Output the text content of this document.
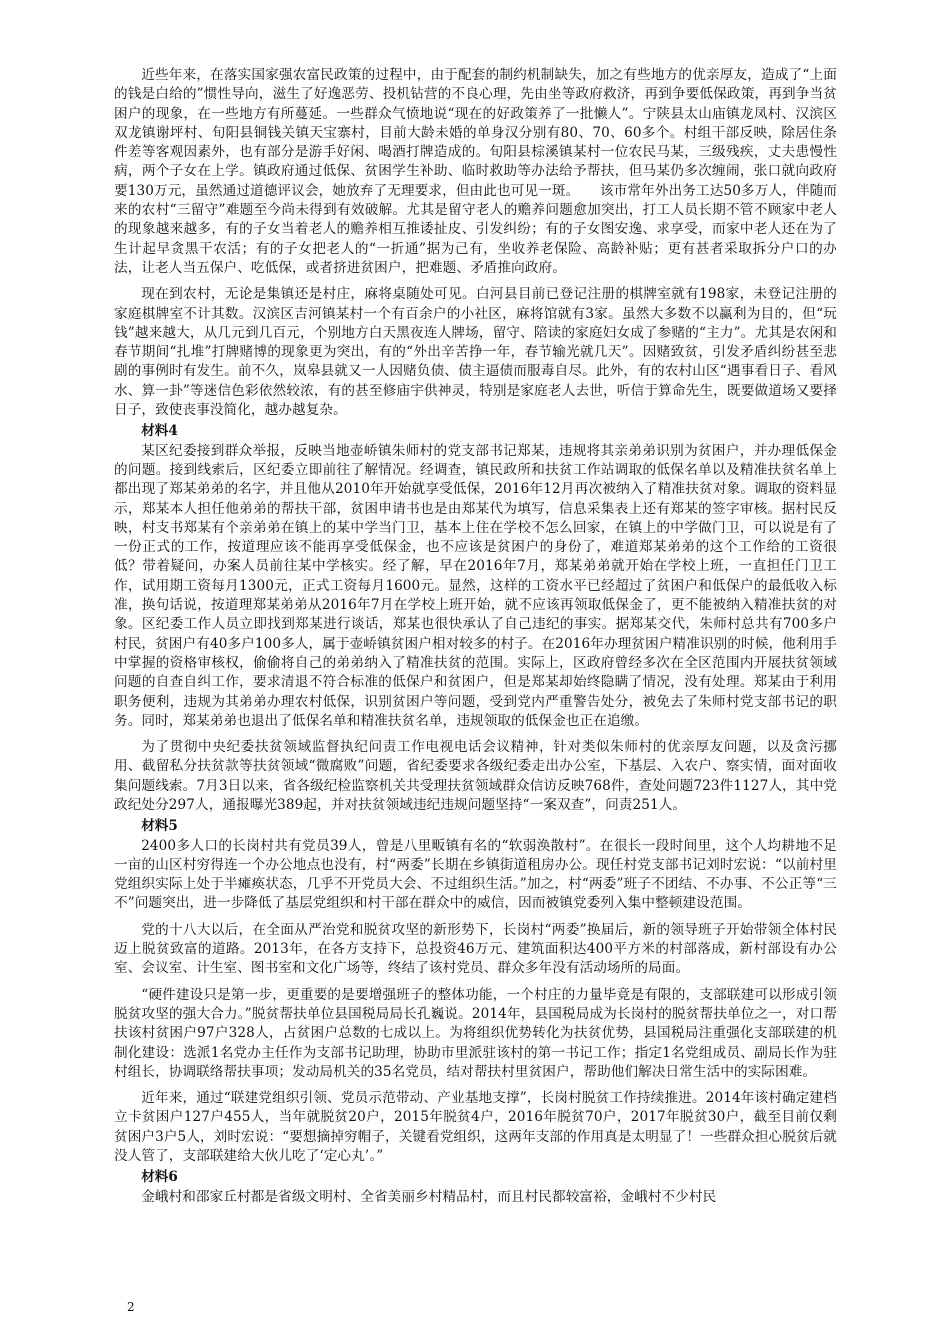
近些年来，在落实国家强农富民政策的过程中，由于配套的制约机制缺失，加之有些地方的优亲厚友，造成了“上面的钱是白给的”惯性导向，滋生了好逸恶劳、投机钻营的不良心理，先由坐等政府救济，再到争要低保政策，再到争当贫困户的现象，在一些地方有所蔓延。一些群众气愤地说“现在的好政策养了一批懒人”。宁陕县太山庙镇龙凤村、汉滨区双龙镇谢坪村、旬阳县铜钱关镇天宝寨村，目前大龄未婚的单身汉分别有80、70、60多个。村组干部反映，除居住条件差等客观因素外，也有部分是游手好闲、喝酒打牌造成的。旬阳县棕溪镇某村一位农民马某，三级残疾，丈夫患慢性病，两个子女在上学。镇政府通过低保、贫困学生补助、临时救助等办法给予帮扶，但马某仍多次缠闹，张口就向政府要130万元，虽然通过道德评议会，她放弃了无理要求，但由此也可见一斑。　　该市常年外出务工达50多万人，伴随而来的农村“三留守”难题至今尚未得到有效破解。尤其是留守老人的赡养问题愈加突出，打工人员长期不管不顾家中老人的现象越来越多，有的子女当着老人的赡养相互推诿扯皮、引发纠纷；有的子女图安逸、求享受，而家中老人还在为了生计起早贪黑干农活；有的子女把老人的“一折通”据为己有，坐收养老保险、高龄补贴；更有甚者采取拆分户口的办法，让老人当五保户、吃低保，或者挤进贫困户，把难题、矛盾推向政府。

现在到农村，无论是集镇还是村庄，麻将桌随处可见。白河县目前已登记注册的棋牌室就有198家，未登记注册的家庭棋牌室不计其数。汉滨区吉河镇某村一个有百余户的小社区，麻将馆就有3家。虽然大多数不以赢利为目的，但“玩钱”越来越大，从几元到几百元，个别地方白天黑夜连人牌场，留守、陪读的家庭妇女成了参赌的“主力”。尤其是农闲和春节期间“扎堆”打牌赌博的现象更为突出，有的“外出辛苦挣一年，春节输光就几天”。因赌致贫，引发矛盾纠纷甚至悲剧的事例时有发生。前不久，岚皋县就又一人因赌负债、债主逼债而服毒自尽。此外，有的农村山区“遇事看日子、看风水、算一卦”等迷信色彩依然较浓，有的甚至修庙宇供神灵，特别是家庭老人去世，听信于算命先生，既要做道场又要择日子，致使丧事没简化，越办越复杂。

材料4

某区纪委接到群众举报，反映当地壶峤镇朱师村的党支部书记郑某，违规将其亲弟弟识别为贫困户，并办理低保金的问题。接到线索后，区纪委立即前往了解情况。经调查，镇民政所和扶贫工作站调取的低保名单以及精准扶贫名单上都出现了郑某弟弟的名字，并且他从2010年开始就享受低保，2016年12月再次被纳入了精准扶贫对象。调取的资料显示，郑某本人担任他弟弟的帮扶干部，贫困申请书也是由郑某代为填写，信息采集表上还有郑某的签字审核。据村民反映，村支书郑某有个亲弟弟在镇上的某中学当门卫，基本上住在学校不怎么回家，在镇上的中学做门卫，可以说是有了一份正式的工作，按道理应该不能再享受低保金，也不应该是贫困户的身份了，难道郑某弟弟的这个工作给的工资很低？带着疑问，办案人员前往某中学核实。经了解，早在2016年7月，郑某弟弟就开始在学校上班，一直担任门卫工作，试用期工资每月1300元，正式工资每月1600元。显然，这样的工资水平已经超过了贫困户和低保户的最低收入标准，换句话说，按道理郑某弟弟从2016年7月在学校上班开始，就不应该再领取低保金了，更不能被纳入精准扶贫的对象。区纪委工作人员立即找到郑某进行谈话，郑某也很快承认了自己违纪的事实。据郑某交代，朱师村总共有700多户村民，贫困户有40多户100多人，属于壶峤镇贫困户相对较多的村子。在2016年办理贫困户精准识别的时候，他利用手中掌握的资格审核权，偷偷将自己的弟弟纳入了精准扶贫的范围。实际上，区政府曾经多次在全区范围内开展扶贫领域问题的自查自纠工作，要求清退不符合标准的低保户和贫困户，但是郑某却始终隐瞒了情况，没有处理。郑某由于利用职务便利，违规为其弟弟办理农村低保，识别贫困户等问题，受到党内严重警告处分，被免去了朱师村党支部书记的职务。同时，郑某弟弟也退出了低保名单和精准扶贫名单，违规领取的低保金也正在追缴。

为了贯彻中央纪委扶贫领域监督执纪问责工作电视电话会议精神，针对类似朱师村的优亲厚友问题，以及贪污挪用、截留私分扶贫款等扶贫领域“微腐败”问题，省纪委要求各级纪委走出办公室，下基层、入农户、察实情，面对面收集问题线索。7月3日以来，省各级纪检监察机关共受理扶贫领域群众信访反映768件，查处问题723件1127人，其中党政纪处分297人，通报曝光389起，并对扶贫领域违纪违规问题坚持“一案双查”，问责251人。

材料5

2400多人口的长岗村共有党员39人，曾是八里畈镇有名的“软弱涣散村”。在很长一段时间里，这个人均耕地不足一亩的山区村穷得连一个办公地点也没有，村“两委”长期在乡镇街道租房办公。现任村党支部书记刘时宏说：“以前村里党组织实际上处于半瘫痪状态，几乎不开党员大会、不过组织生活。”加之，村“两委”班子不团结、不办事、不公正等“三不”问题突出，进一步降低了基层党组织和村干部在群众中的威信，因而被镇党委列入集中整顿建设范围。

党的十八大以后，在全面从严治党和脱贫攻坚的新形势下，长岗村“两委”换届后，新的领导班子开始带领全体村民迈上脱贫致富的道路。2013年，在各方支持下，总投资46万元、建筑面积达400平方米的村部落成，新村部设有办公室、会议室、计生室、图书室和文化广场等，终结了该村党员、群众多年没有活动场所的局面。

“硬件建设只是第一步，更重要的是要增强班子的整体功能，一个村庄的力量毕竟是有限的，支部联建可以形成引领脱贫攻坚的强大合力。”脱贫帮扶单位县国税局局长孔巍说。2014年，县国税局成为长岗村的脱贫帮扶单位之一，对口帮扶该村贫困户97户328人，占贫困户总数的七成以上。为将组织优势转化为扶贫优势，县国税局注重强化支部联建的机制化建设：选派1名党办主任作为支部书记助理，协助市里派驻该村的第一书记工作；指定1名党组成员、副局长作为驻村组长，协调联络帮扶事项；发动局机关的35名党员，结对帮扶村里贫困户，帮助他们解决日常生活中的实际困难。

近年来，通过“联建党组织引领、党员示范带动、产业基地支撑”，长岗村脱贫工作持续推进。2014年该村确定建档立卡贫困户127户455人，当年就脱贫20户，2015年脱贫4户，2016年脱贫70户，2017年脱贫30户，截至目前仅剩贫困户3户5人，刘时宏说：“要想摘掉穷帽子，关键看党组织，这两年支部的作用真是太明显了！一些群众担心脱贫后就没人管了，支部联建给大伙儿吃了‘定心丸’。”

材料6

金峨村和邵家丘村都是省级文明村、全省美丽乡村精品村，而且村民都较富裕，金峨村不少村民

2
